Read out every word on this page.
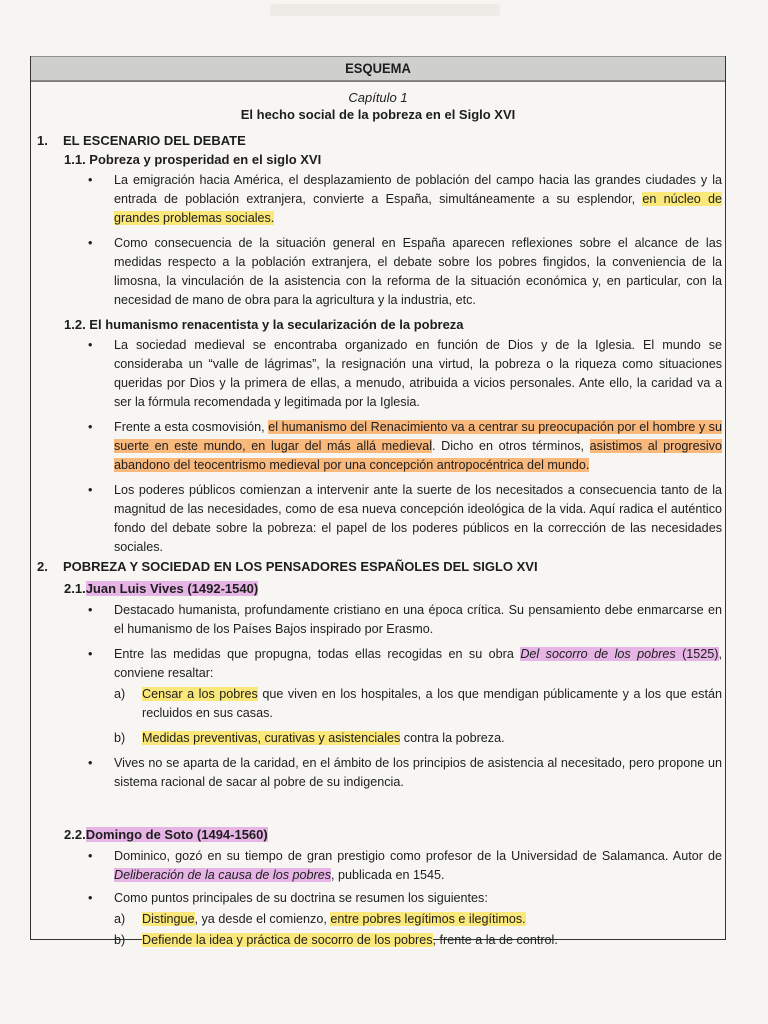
ESQUEMA
Capítulo 1
El hecho social de la pobreza en el Siglo XVI
1. EL ESCENARIO DEL DEBATE
1.1. Pobreza y prosperidad en el siglo XVI
• La emigración hacia América, el desplazamiento de población del campo hacia las grandes ciudades y la entrada de población extranjera, convierte a España, simultáneamente a su esplendor, en núcleo de grandes problemas sociales.
• Como consecuencia de la situación general en España aparecen reflexiones sobre el alcance de las medidas respecto a la población extranjera, el debate sobre los pobres fingidos, la conveniencia de la limosna, la vinculación de la asistencia con la reforma de la situación económica y, en particular, con la necesidad de mano de obra para la agricultura y la industria, etc.
1.2. El humanismo renacentista y la secularización de la pobreza
• La sociedad medieval se encontraba organizado en función de Dios y de la Iglesia. El mundo se consideraba un “valle de lágrimas”, la resignación una virtud, la pobreza o la riqueza como situaciones queridas por Dios y la primera de ellas, a menudo, atribuida a vicios personales. Ante ello, la caridad va a ser la fórmula recomendada y legitimada por la Iglesia.
• Frente a esta cosmovisión, el humanismo del Renacimiento va a centrar su preocupación por el hombre y su suerte en este mundo, en lugar del más allá medieval. Dicho en otros términos, asistimos al progresivo abandono del teocentrismo medieval por una concepción antropocéntrica del mundo.
• Los poderes públicos comienzan a intervenir ante la suerte de los necesitados a consecuencia tanto de la magnitud de las necesidades, como de esa nueva concepción ideológica de la vida. Aquí radica el auténtico fondo del debate sobre la pobreza: el papel de los poderes públicos en la corrección de las necesidades sociales.
2. POBREZA Y SOCIEDAD EN LOS PENSADORES ESPAÑOLES DEL SIGLO XVI
2.1.Juan Luis Vives (1492-1540)
• Destacado humanista, profundamente cristiano en una época crítica. Su pensamiento debe enmarcarse en el humanismo de los Países Bajos inspirado por Erasmo.
• Entre las medidas que propugna, todas ellas recogidas en su obra Del socorro de los pobres (1525), conviene resaltar:
a) Censar a los pobres que viven en los hospitales, a los que mendigan públicamente y a los que están recluidos en sus casas.
b) Medidas preventivas, curativas y asistenciales contra la pobreza.
• Vives no se aparta de la caridad, en el ámbito de los principios de asistencia al necesitado, pero propone un sistema racional de sacar al pobre de su indigencia.
2.2.Domingo de Soto (1494-1560)
• Dominico, gozó en su tiempo de gran prestigio como profesor de la Universidad de Salamanca. Autor de Deliberación de la causa de los pobres, publicada en 1545.
• Como puntos principales de su doctrina se resumen los siguientes:
a) Distingue, ya desde el comienzo, entre pobres legítimos e ilegítimos.
b) Defiende la idea y práctica de socorro de los pobres, frente a la de control.
